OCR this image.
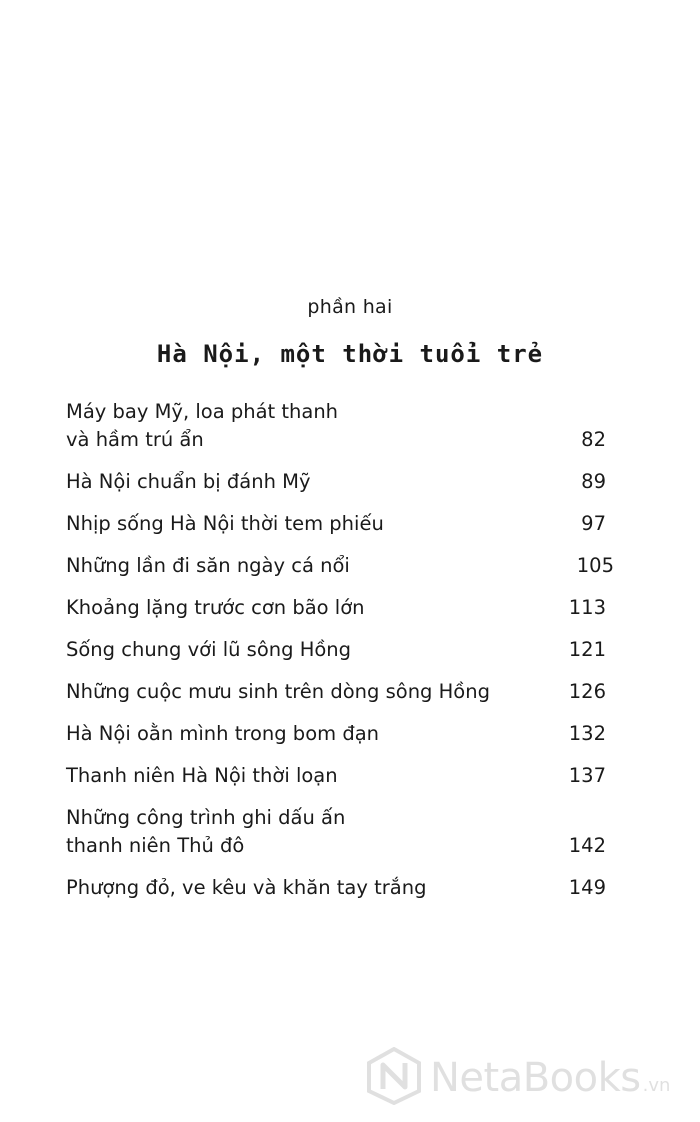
phần hai
Hà Nội, một thời tuổi trẻ
Máy bay Mỹ, loa phát thanh
và hầm trú ẩn	82
Hà Nội chuẩn bị đánh Mỹ	89
Nhịp sống Hà Nội thời tem phiếu	97
Những lần đi săn ngày cá nổi	105
Khoảng lặng trước cơn bão lớn	113
Sống chung với lũ sông Hồng	121
Những cuộc mưu sinh trên dòng sông Hồng	126
Hà Nội oằn mình trong bom đạn	132
Thanh niên Hà Nội thời loạn	137
Những công trình ghi dấu ấn
thanh niên Thủ đô	142
Phượng đỏ, ve kêu và khăn tay trắng	149
NetaBooks .vn
